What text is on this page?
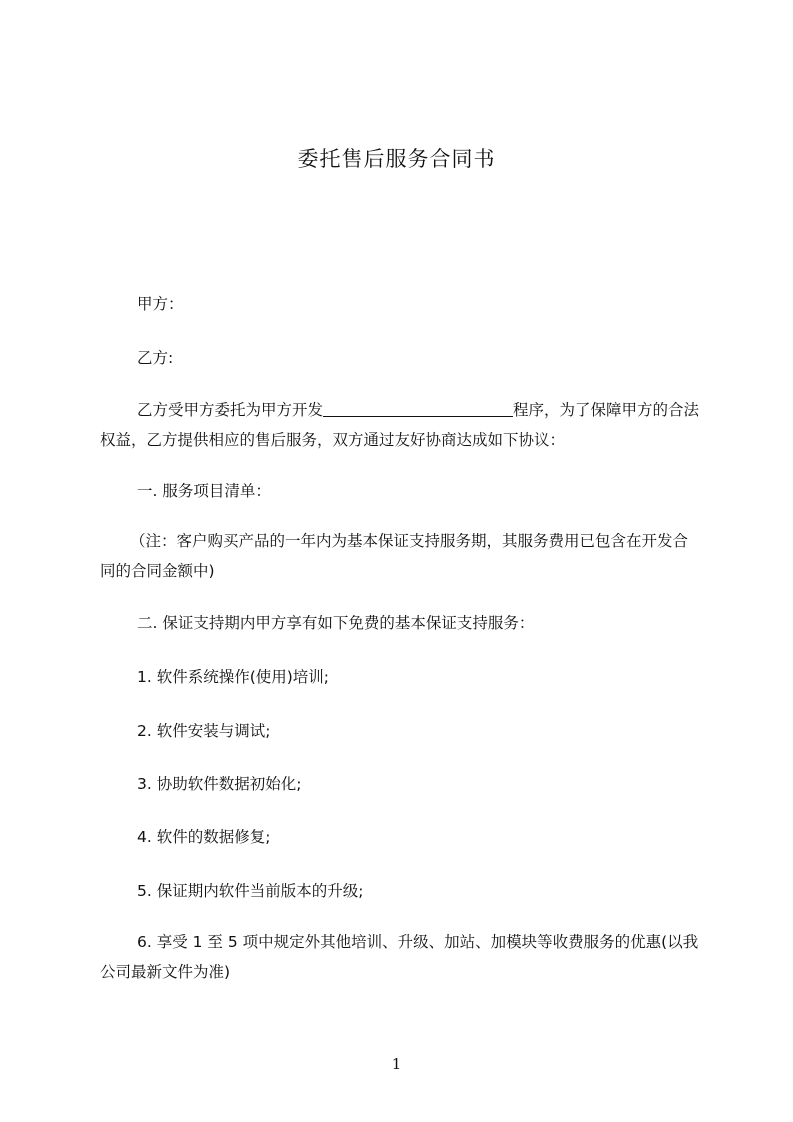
委托售后服务合同书
甲方：
乙方:
乙方受甲方委托为甲方开发	程序，为了保障甲方的合法权益，乙方提供相应的售后服务，双方通过友好协商达成如下协议：
一. 服务项目清单：
（注：客户购买产品的一年内为基本保证支持服务期，其服务费用已包含在开发合同的合同金额中)
二. 保证支持期内甲方享有如下免费的基本保证支持服务：
1. 软件系统操作(使用)培训;
2. 软件安装与调试;
3. 协助软件数据初始化;
4. 软件的数据修复;
5. 保证期内软件当前版本的升级;
6. 享受 1 至 5 项中规定外其他培训、升级、加站、加模块等收费服务的优惠(以我公司最新文件为准)
1
